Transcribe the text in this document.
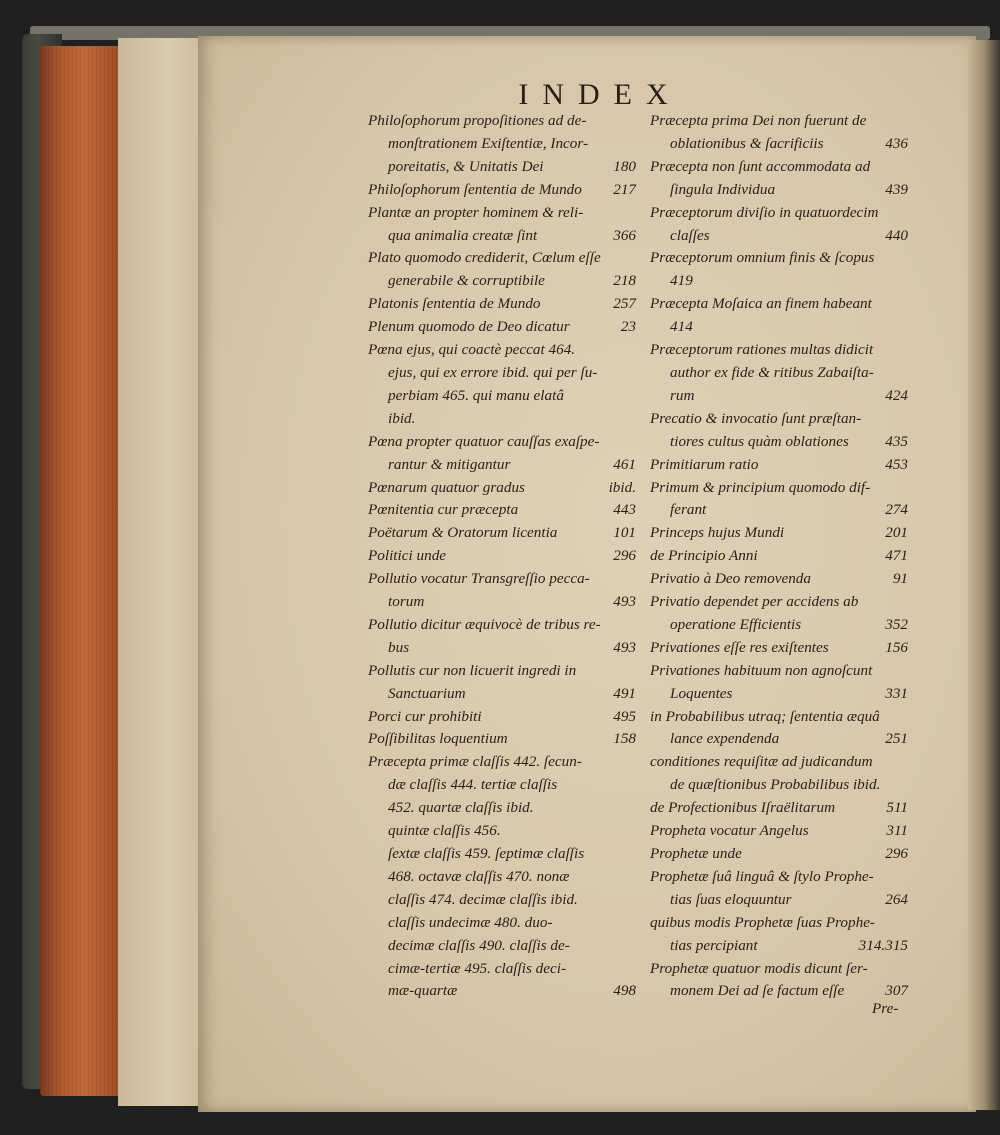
INDEX
Philoſophorum propoſitiones ad de-
monſtrationem Exiſtentiæ, Incor-
poreitatis, & Unitatis Dei	180
Philoſophorum ſententia de Mundo	217
Plantæ an propter hominem & reli-
qua animalia creatæ ſint	366
Plato quomodo crediderit, Cœlum eſſe
generabile & corruptibile	218
Platonis ſententia de Mundo	257
Plenum quomodo de Deo dicatur	23
Pœna ejus, qui coactè peccat 464.
ejus, qui ex errore ibid. qui per ſu-
perbiam 465. qui manu elatâ
ibid.
Pœna propter quatuor cauſſas exaſpe-
rantur & mitigantur	461
Pœnarum quatuor gradus	ibid.
Pœnitentia cur præcepta	443
Poëtarum & Oratorum licentia	101
Politici unde	296
Pollutio vocatur Transgreſſio pecca-
torum	493
Pollutio dicitur æquivocè de tribus re-
bus	493
Pollutis cur non licuerit ingredi in
Sanctuarium	491
Porci cur prohibiti	495
Poſſibilitas loquentium	158
Præcepta primæ claſſis 442. ſecun-
dæ claſſis 444. tertiæ claſſis
452. quartæ claſſis ibid.
quintæ claſſis 456.
ſextæ claſſis 459. ſeptimæ claſſis
468. octavæ claſſis 470. nonæ
claſſis 474. decimæ claſſis ibid.
claſſis undecimæ 480. duo-
decimæ claſſis 490. claſſis de-
cimæ-tertiæ 495. claſſis deci-
mæ-quartæ	498
Præcepta prima Dei non fuerunt de
oblationibus & ſacrificiis	436
Præcepta non ſunt accommodata ad
ſingula Individua	439
Præceptorum diviſio in quatuordecim
claſſes	440
Præceptorum omnium finis & ſcopus
419
Præcepta Moſaica an finem habeant
414
Præceptorum rationes multas didicit
author ex fide & ritibus Zabaiſta-
rum	424
Precatio & invocatio ſunt præſtan-
tiores cultus quàm oblationes	435
Primitiarum ratio	453
Primum & principium quomodo dif-
ferant	274
Princeps hujus Mundi	201
de Principio Anni	471
Privatio à Deo removenda	91
Privatio dependet per accidens ab
operatione Efficientis	352
Privationes eſſe res exiſtentes	156
Privationes habituum non agnoſcunt
Loquentes	331
in Probabilibus utraq; ſententia æquâ
lance expendenda	251
conditiones requiſitæ ad judicandum
de quæſtionibus Probabilibus ibid.
de Profectionibus Iſraëlitarum	511
Propheta vocatur Angelus	311
Prophetæ unde	296
Prophetæ ſuâ linguâ & ſtylo Prophe-
tias ſuas eloquuntur	264
quibus modis Prophetæ ſuas Prophe-
tias percipiant	314.315
Prophetæ quatuor modis dicunt ſer-
monem Dei ad ſe factum eſſe	307
Pre-
